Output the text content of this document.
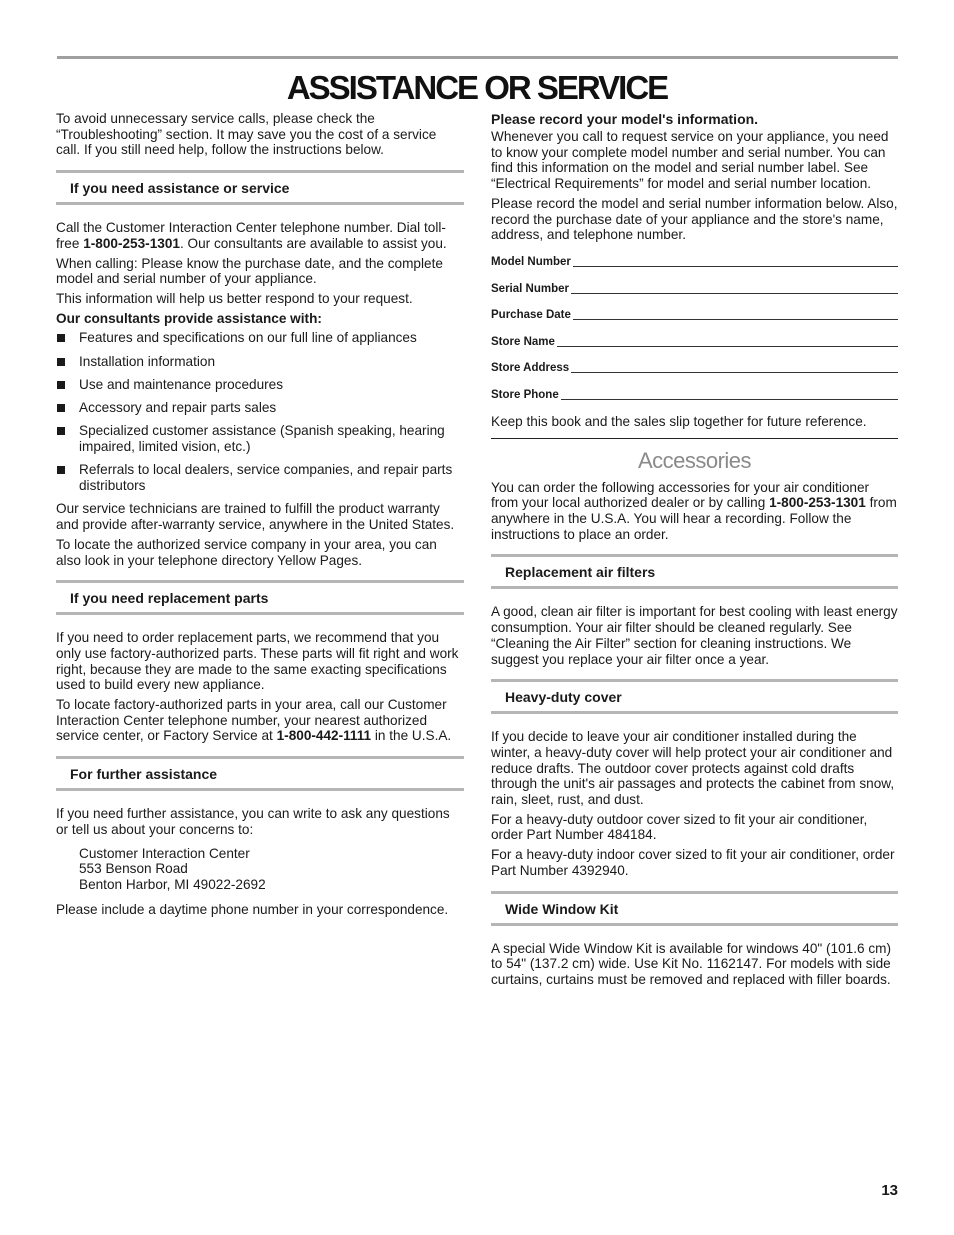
ASSISTANCE OR SERVICE

To avoid unnecessary service calls, please check the “Troubleshooting” section. It may save you the cost of a service call. If you still need help, follow the instructions below.

If you need assistance or service

Call the Customer Interaction Center telephone number. Dial toll-free 1-800-253-1301. Our consultants are available to assist you.

When calling: Please know the purchase date, and the complete model and serial number of your appliance.

This information will help us better respond to your request.

Our consultants provide assistance with:

Features and specifications on our full line of appliances
Installation information
Use and maintenance procedures
Accessory and repair parts sales
Specialized customer assistance (Spanish speaking, hearing impaired, limited vision, etc.)
Referrals to local dealers, service companies, and repair parts distributors

Our service technicians are trained to fulfill the product warranty and provide after-warranty service, anywhere in the United States.

To locate the authorized service company in your area, you can also look in your telephone directory Yellow Pages.

If you need replacement parts

If you need to order replacement parts, we recommend that you only use factory-authorized parts. These parts will fit right and work right, because they are made to the same exacting specifications used to build every new appliance.

To locate factory-authorized parts in your area, call our Customer Interaction Center telephone number, your nearest authorized service center, or Factory Service at 1-800-442-1111 in the U.S.A.

For further assistance

If you need further assistance, you can write to ask any questions or tell us about your concerns to:

Customer Interaction Center
553 Benson Road
Benton Harbor, MI 49022-2692

Please include a daytime phone number in your correspondence.

Please record your model's information.

Whenever you call to request service on your appliance, you need to know your complete model number and serial number. You can find this information on the model and serial number label. See “Electrical Requirements” for model and serial number location.

Please record the model and serial number information below. Also, record the purchase date of your appliance and the store's name, address, and telephone number.

Model Number
Serial Number
Purchase Date
Store Name
Store Address
Store Phone

Keep this book and the sales slip together for future reference.

Accessories

You can order the following accessories for your air conditioner from your local authorized dealer or by calling 1-800-253-1301 from anywhere in the U.S.A. You will hear a recording. Follow the instructions to place an order.

Replacement air filters

A good, clean air filter is important for best cooling with least energy consumption. Your air filter should be cleaned regularly. See “Cleaning the Air Filter” section for cleaning instructions. We suggest you replace your air filter once a year.

Heavy-duty cover

If you decide to leave your air conditioner installed during the winter, a heavy-duty cover will help protect your air conditioner and reduce drafts. The outdoor cover protects against cold drafts through the unit's air passages and protects the cabinet from snow, rain, sleet, rust, and dust.

For a heavy-duty outdoor cover sized to fit your air conditioner, order Part Number 484184.

For a heavy-duty indoor cover sized to fit your air conditioner, order Part Number 4392940.

Wide Window Kit

A special Wide Window Kit is available for windows 40" (101.6 cm) to 54" (137.2 cm) wide. Use Kit No. 1162147. For models with side curtains, curtains must be removed and replaced with filler boards.

13
